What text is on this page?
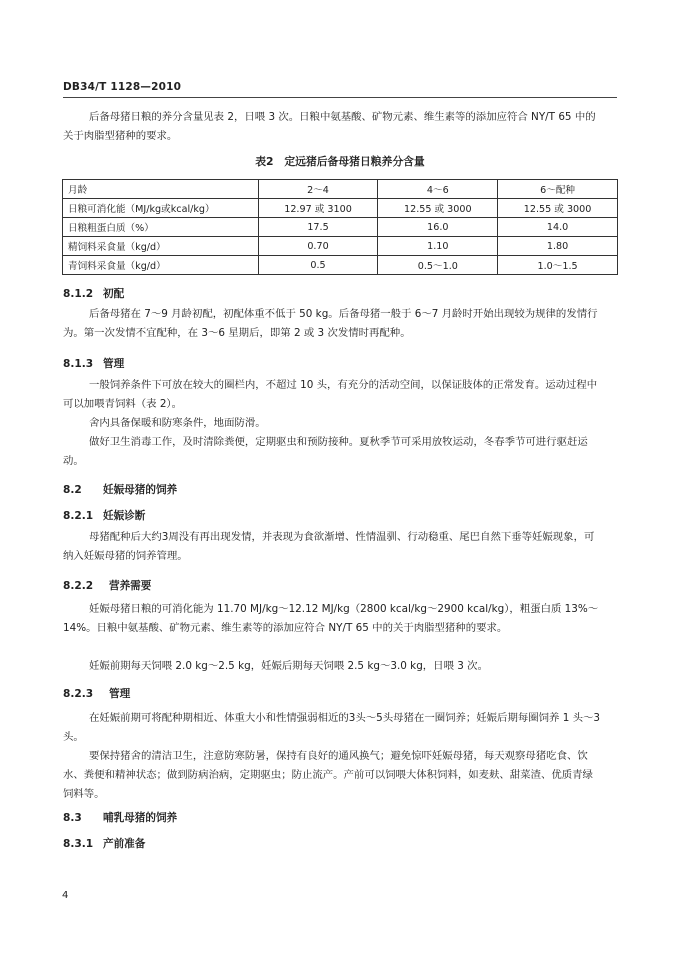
DB34/T 1128—2010

后备母猪日粮的养分含量见表 2，日喂 3 次。日粮中氨基酸、矿物元素、维生素等的添加应符合 NY/T 65 中的关于肉脂型猪种的要求。

表2　定远猪后备母猪日粮养分含量
月龄	2～4	4～6	6～配种
日粮可消化能（MJ/kg或kcal/kg）	12.97 或 3100	12.55 或 3000	12.55 或 3000
日粮粗蛋白质（%）	17.5	16.0	14.0
精饲料采食量（kg/d）	0.70	1.10	1.80
青饲料采食量（kg/d）	0.5	0.5～1.0	1.0～1.5
8.1.2 初配

后备母猪在 7～9 月龄初配，初配体重不低于 50 kg。后备母猪一般于 6～7 月龄时开始出现较为规律的发情行为。第一次发情不宜配种，在 3～6 星期后，即第 2 或 3 次发情时再配种。

8.1.3 管理

一般饲养条件下可放在较大的圈栏内，不超过 10 头，有充分的活动空间，以保证肢体的正常发育。运动过程中可以加喂青饲料（表 2）。

舍内具备保暖和防寒条件，地面防滑。

做好卫生消毒工作，及时清除粪便，定期驱虫和预防接种。夏秋季节可采用放牧运动，冬春季节可进行驱赶运动。

8.2 妊娠母猪的饲养
8.2.1 妊娠诊断

母猪配种后大约3周没有再出现发情，并表现为食欲渐增、性情温驯、行动稳重、尾巴自然下垂等妊娠现象，可纳入妊娠母猪的饲养管理。

8.2.2 营养需要

妊娠母猪日粮的可消化能为 11.70 MJ/kg～12.12 MJ/kg（2800 kcal/kg～2900 kcal/kg），粗蛋白质 13%～14%。日粮中氨基酸、矿物元素、维生素等的添加应符合 NY/T 65 中的关于肉脂型猪种的要求。

妊娠前期每天饲喂 2.0 kg～2.5 kg，妊娠后期每天饲喂 2.5 kg～3.0 kg，日喂 3 次。

8.2.3 管理

在妊娠前期可将配种期相近、体重大小和性情强弱相近的3头～5头母猪在一圈饲养；妊娠后期每圈饲养 1 头～3 头。

要保持猪舍的清洁卫生，注意防寒防暑，保持有良好的通风换气；避免惊吓妊娠母猪，每天观察母猪吃食、饮水、粪便和精神状态；做到防病治病，定期驱虫；防止流产。产前可以饲喂大体积饲料，如麦麸、甜菜渣、优质青绿饲料等。

8.3 哺乳母猪的饲养
8.3.1 产前准备
4
